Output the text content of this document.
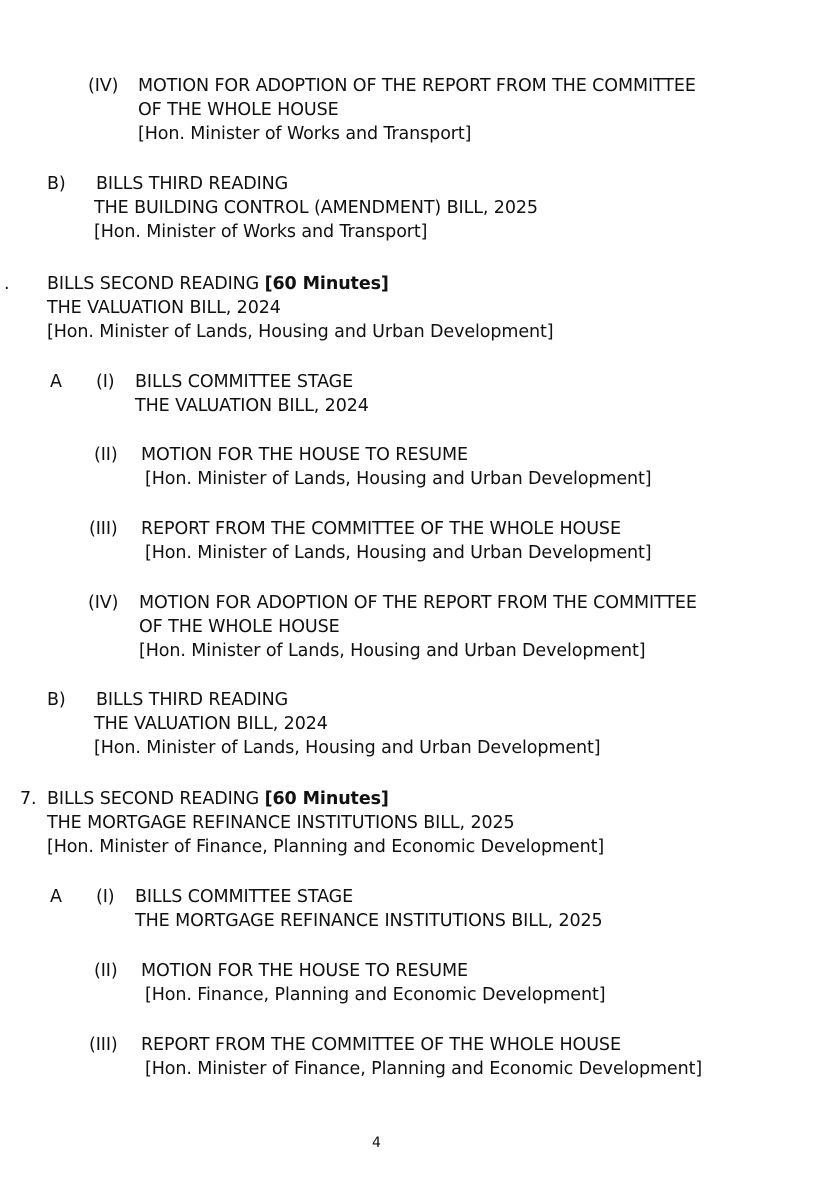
(IV) MOTION FOR ADOPTION OF THE REPORT FROM THE COMMITTEE
OF THE WHOLE HOUSE
[Hon. Minister of Works and Transport]
B) BILLS THIRD READING
THE BUILDING CONTROL (AMENDMENT) BILL, 2025
[Hon. Minister of Works and Transport]
. BILLS SECOND READING [60 Minutes]
THE VALUATION BILL, 2024
[Hon. Minister of Lands, Housing and Urban Development]
A (I) BILLS COMMITTEE STAGE
THE VALUATION BILL, 2024
(II) MOTION FOR THE HOUSE TO RESUME
[Hon. Minister of Lands, Housing and Urban Development]
(III) REPORT FROM THE COMMITTEE OF THE WHOLE HOUSE
[Hon. Minister of Lands, Housing and Urban Development]
(IV) MOTION FOR ADOPTION OF THE REPORT FROM THE COMMITTEE
OF THE WHOLE HOUSE
[Hon. Minister of Lands, Housing and Urban Development]
B) BILLS THIRD READING
THE VALUATION BILL, 2024
[Hon. Minister of Lands, Housing and Urban Development]
7. BILLS SECOND READING [60 Minutes]
THE MORTGAGE REFINANCE INSTITUTIONS BILL, 2025
[Hon. Minister of Finance, Planning and Economic Development]
A (I) BILLS COMMITTEE STAGE
THE MORTGAGE REFINANCE INSTITUTIONS BILL, 2025
(II) MOTION FOR THE HOUSE TO RESUME
[Hon. Finance, Planning and Economic Development]
(III) REPORT FROM THE COMMITTEE OF THE WHOLE HOUSE
[Hon. Minister of Finance, Planning and Economic Development]
4
